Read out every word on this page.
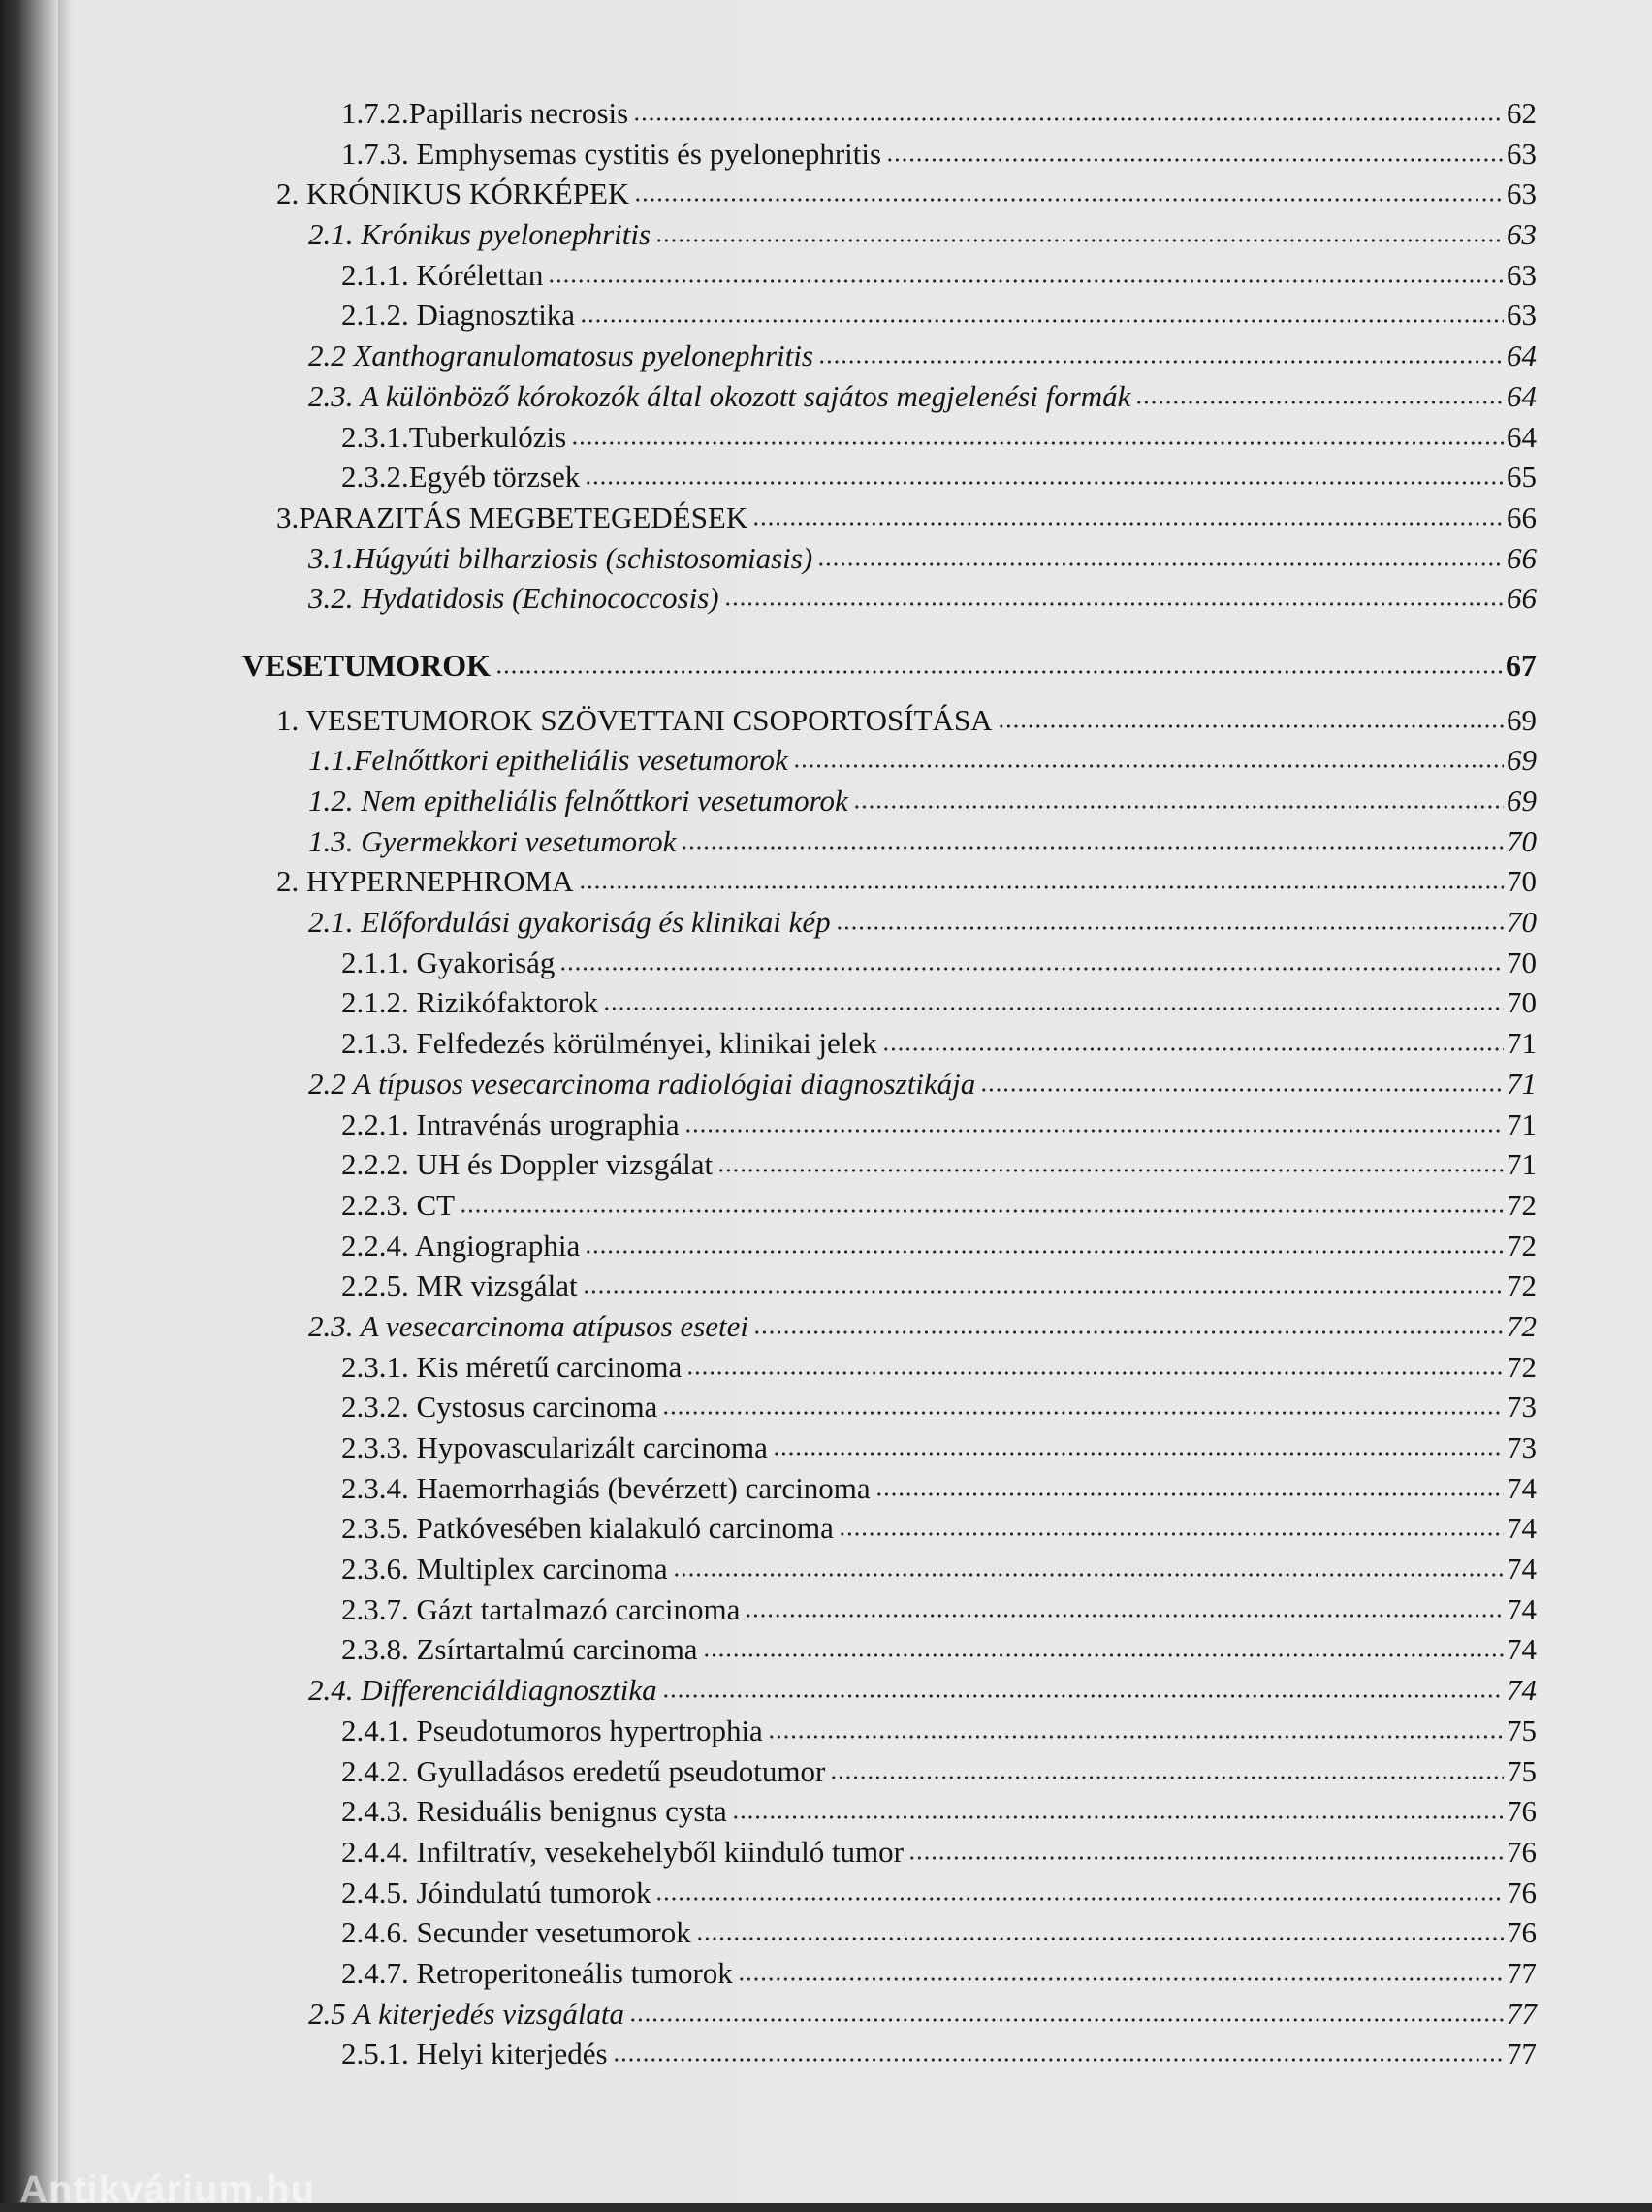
1.7.2.Papillaris necrosis	62
1.7.3. Emphysemas cystitis és pyelonephritis	63
2. KRÓNIKUS KÓRKÉPEK	63
2.1. Krónikus pyelonephritis	63
2.1.1. Kórélettan	63
2.1.2. Diagnosztika	63
2.2 Xanthogranulomatosus pyelonephritis	64
2.3. A különböző kórokozók által okozott sajátos megjelenési formák	64
2.3.1.Tuberkulózis	64
2.3.2.Egyéb törzsek	65
3.PARAZITÁS MEGBETEGEDÉSEK	66
3.1.Húgyúti bilharziosis (schistosomiasis)	66
3.2. Hydatidosis (Echinococcosis)	66
VESETUMOROK	67
1. VESETUMOROK SZÖVETTANI CSOPORTOSÍTÁSA	69
1.1.Felnőttkori epitheliális vesetumorok	69
1.2. Nem epitheliális felnőttkori vesetumorok	69
1.3. Gyermekkori vesetumorok	70
2. HYPERNEPHROMA	70
2.1. Előfordulási gyakoriság és klinikai kép	70
2.1.1. Gyakoriság	70
2.1.2. Rizikófaktorok	70
2.1.3. Felfedezés körülményei, klinikai jelek	71
2.2 A típusos vesecarcinoma radiológiai diagnosztikája	71
2.2.1. Intravénás urographia	71
2.2.2. UH és Doppler vizsgálat	71
2.2.3. CT	72
2.2.4. Angiographia	72
2.2.5. MR vizsgálat	72
2.3. A vesecarcinoma atípusos esetei	72
2.3.1. Kis méretű carcinoma	72
2.3.2. Cystosus carcinoma	73
2.3.3. Hypovascularizált carcinoma	73
2.3.4. Haemorrhagiás (bevérzett) carcinoma	74
2.3.5. Patkóvesében kialakuló carcinoma	74
2.3.6. Multiplex carcinoma	74
2.3.7. Gázt tartalmazó carcinoma	74
2.3.8. Zsírtartalmú carcinoma	74
2.4. Differenciáldiagnosztika	74
2.4.1. Pseudotumoros hypertrophia	75
2.4.2. Gyulladásos eredetű pseudotumor	75
2.4.3. Residuális benignus cysta	76
2.4.4. Infiltratív, vesekehelyből kiinduló tumor	76
2.4.5. Jóindulatú tumorok	76
2.4.6. Secunder vesetumorok	76
2.4.7. Retroperitoneális tumorok	77
2.5 A kiterjedés vizsgálata	77
2.5.1. Helyi kiterjedés	77
Antikvárium.hu
